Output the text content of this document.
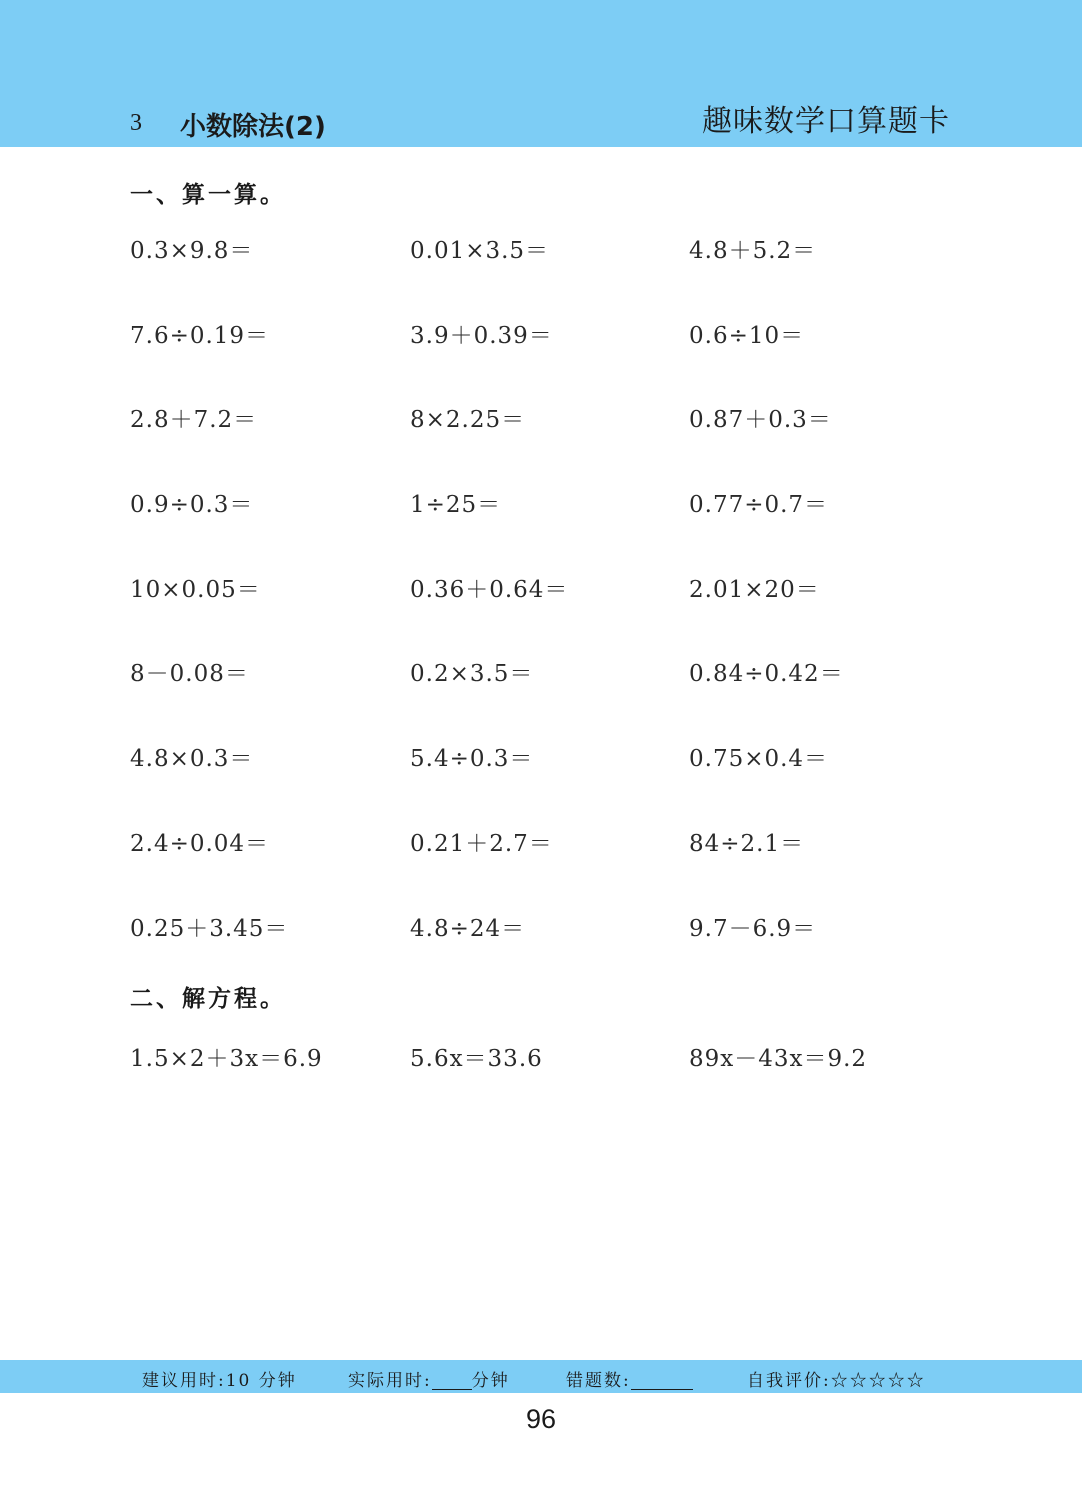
3 小数除法(2)	趣味数学口算题卡
一、算一算。
0.3×9.8＝	0.01×3.5＝	4.8＋5.2＝
7.6÷0.19＝	3.9＋0.39＝	0.6÷10＝
2.8＋7.2＝	8×2.25＝	0.87＋0.3＝
0.9÷0.3＝	1÷25＝	0.77÷0.7＝
10×0.05＝	0.36＋0.64＝	2.01×20＝
8－0.08＝	0.2×3.5＝	0.84÷0.42＝
4.8×0.3＝	5.4÷0.3＝	0.75×0.4＝
2.4÷0.04＝	0.21＋2.7＝	84÷2.1＝
0.25＋3.45＝	4.8÷24＝	9.7－6.9＝
二、解方程。
1.5×2＋3x＝6.9	5.6x＝33.6	89x－43x＝9.2
建议用时:10 分钟	实际用时: 分钟	错题数:	自我评价:☆☆☆☆☆
96
